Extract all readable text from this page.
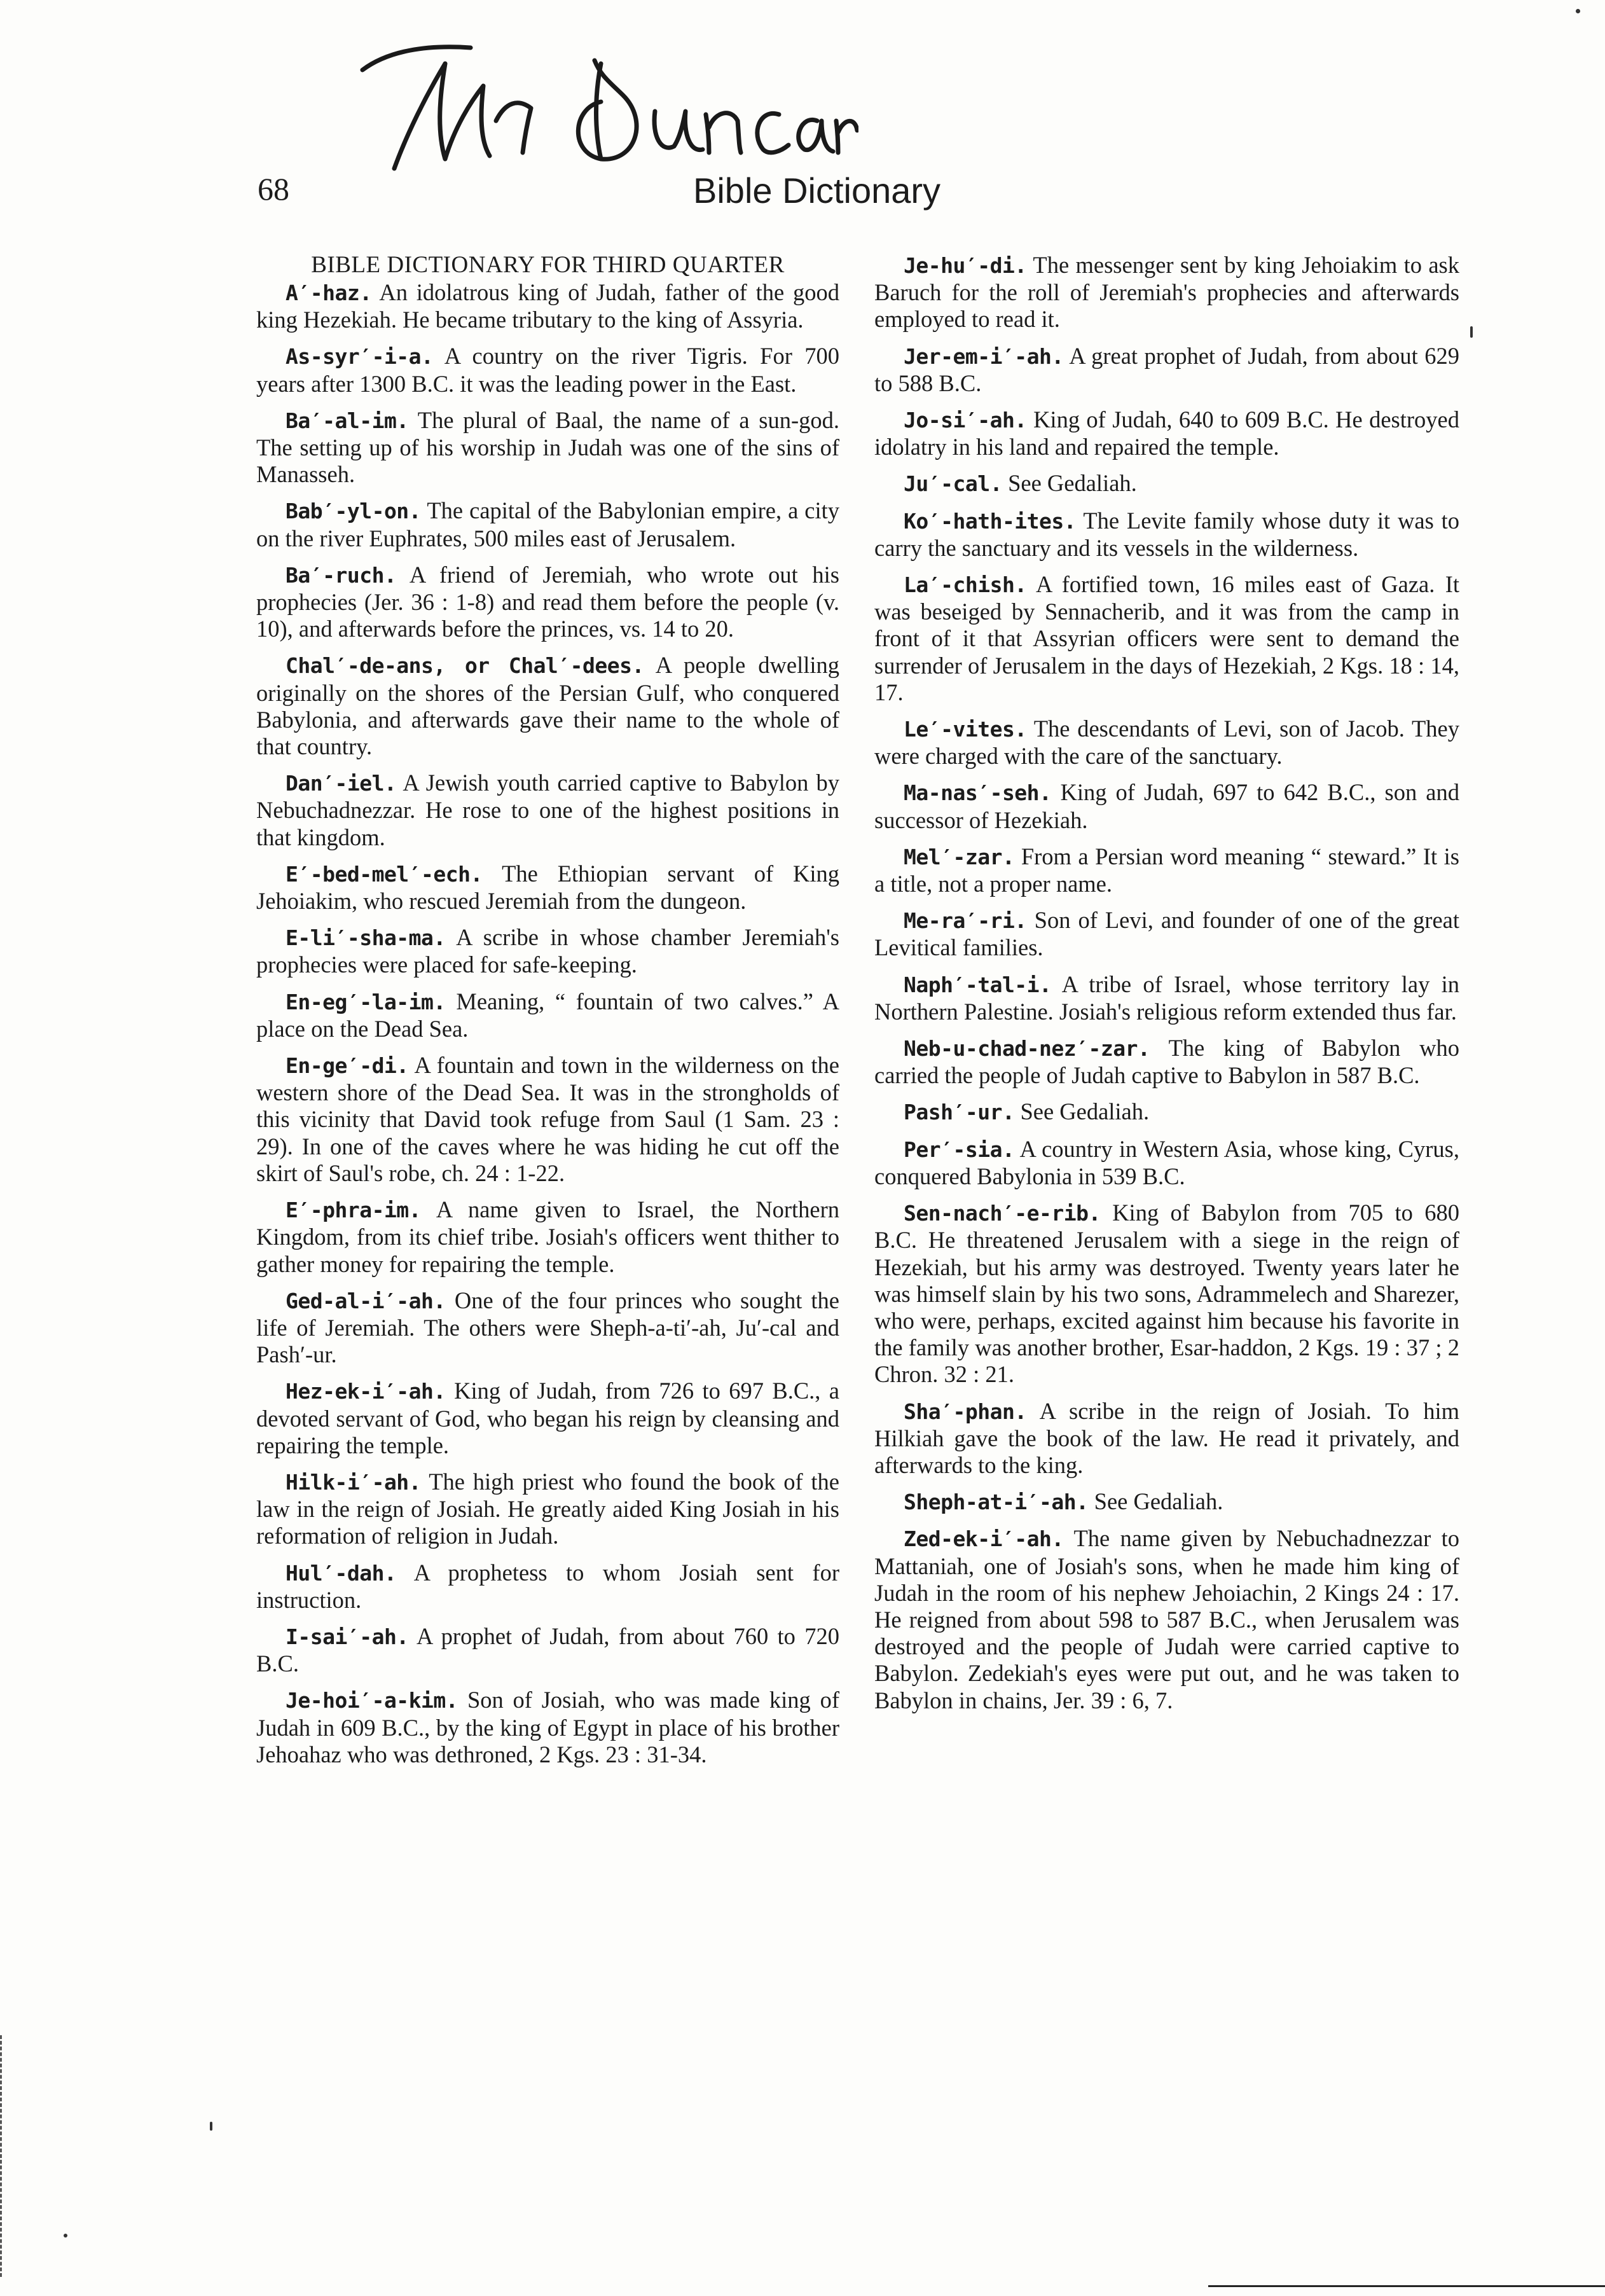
68	Bible Dictionary
BIBLE DICTIONARY FOR THIRD QUARTER

A′-haz. An idolatrous king of Judah, father of the good king Hezekiah. He became tributary to the king of Assyria.

As-syr′-i-a. A country on the river Tigris. For 700 years after 1300 B.C. it was the leading power in the East.

Ba′-al-im. The plural of Baal, the name of a sun-god. The setting up of his worship in Judah was one of the sins of Manasseh.

Bab′-yl-on. The capital of the Babylonian empire, a city on the river Euphrates, 500 miles east of Jerusalem.

Ba′-ruch. A friend of Jeremiah, who wrote out his prophecies (Jer. 36 : 1-8) and read them before the people (v. 10), and afterwards before the princes, vs. 14 to 20.

Chal′-de-ans, or Chal′-dees. A people dwelling originally on the shores of the Persian Gulf, who conquered Babylonia, and afterwards gave their name to the whole of that country.

Dan′-iel. A Jewish youth carried captive to Babylon by Nebuchadnezzar. He rose to one of the highest positions in that kingdom.

E′-bed-mel′-ech. The Ethiopian servant of King Jehoiakim, who rescued Jeremiah from the dungeon.

E-li′-sha-ma. A scribe in whose chamber Jeremiah's prophecies were placed for safe-keeping.

En-eg′-la-im. Meaning, “ fountain of two calves.” A place on the Dead Sea.

En-ge′-di. A fountain and town in the wilderness on the western shore of the Dead Sea. It was in the strongholds of this vicinity that David took refuge from Saul (1 Sam. 23 : 29). In one of the caves where he was hiding he cut off the skirt of Saul's robe, ch. 24 : 1-22.

E′-phra-im. A name given to Israel, the Northern Kingdom, from its chief tribe. Josiah's officers went thither to gather money for repairing the temple.

Ged-al-i′-ah. One of the four princes who sought the life of Jeremiah. The others were Sheph-a-ti′-ah, Ju′-cal and Pash′-ur.

Hez-ek-i′-ah. King of Judah, from 726 to 697 B.C., a devoted servant of God, who began his reign by cleansing and repairing the temple.

Hilk-i′-ah. The high priest who found the book of the law in the reign of Josiah. He greatly aided King Josiah in his reformation of religion in Judah.

Hul′-dah. A prophetess to whom Josiah sent for instruction.

I-sai′-ah. A prophet of Judah, from about 760 to 720 B.C.

Je-hoi′-a-kim. Son of Josiah, who was made king of Judah in 609 B.C., by the king of Egypt in place of his brother Jehoahaz who was dethroned, 2 Kgs. 23 : 31-34.

Je-hu′-di. The messenger sent by king Jehoiakim to ask Baruch for the roll of Jeremiah's prophecies and afterwards employed to read it.

Jer-em-i′-ah. A great prophet of Judah, from about 629 to 588 B.C.

Jo-si′-ah. King of Judah, 640 to 609 B.C. He destroyed idolatry in his land and repaired the temple.

Ju′-cal. See Gedaliah.

Ko′-hath-ites. The Levite family whose duty it was to carry the sanctuary and its vessels in the wilderness.

La′-chish. A fortified town, 16 miles east of Gaza. It was beseiged by Sennacherib, and it was from the camp in front of it that Assyrian officers were sent to demand the surrender of Jerusalem in the days of Hezekiah, 2 Kgs. 18 : 14, 17.

Le′-vites. The descendants of Levi, son of Jacob. They were charged with the care of the sanctuary.

Ma-nas′-seh. King of Judah, 697 to 642 B.C., son and successor of Hezekiah.

Mel′-zar. From a Persian word meaning “ steward.” It is a title, not a proper name.

Me-ra′-ri. Son of Levi, and founder of one of the great Levitical families.

Naph′-tal-i. A tribe of Israel, whose territory lay in Northern Palestine. Josiah's religious reform extended thus far.

Neb-u-chad-nez′-zar. The king of Babylon who carried the people of Judah captive to Babylon in 587 B.C.

Pash′-ur. See Gedaliah.

Per′-sia. A country in Western Asia, whose king, Cyrus, conquered Babylonia in 539 B.C.

Sen-nach′-e-rib. King of Babylon from 705 to 680 B.C. He threatened Jerusalem with a siege in the reign of Hezekiah, but his army was destroyed. Twenty years later he was himself slain by his two sons, Adrammelech and Sharezer, who were, perhaps, excited against him because his favorite in the family was another brother, Esar-haddon, 2 Kgs. 19 : 37 ; 2 Chron. 32 : 21.

Sha′-phan. A scribe in the reign of Josiah. To him Hilkiah gave the book of the law. He read it privately, and afterwards to the king.

Sheph-at-i′-ah. See Gedaliah.

Zed-ek-i′-ah. The name given by Nebuchadnezzar to Mattaniah, one of Josiah's sons, when he made him king of Judah in the room of his nephew Jehoiachin, 2 Kings 24 : 17. He reigned from about 598 to 587 B.C., when Jerusalem was destroyed and the people of Judah were carried captive to Babylon. Zedekiah's eyes were put out, and he was taken to Babylon in chains, Jer. 39 : 6, 7.
